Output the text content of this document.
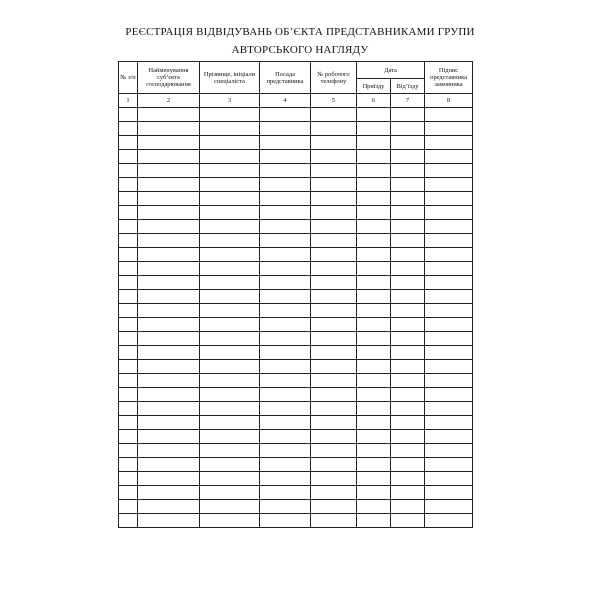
РЕЄСТРАЦІЯ ВІДВІДУВАНЬ ОБ’ЄКТА ПРЕДСТАВНИКАМИ ГРУПИ
АВТОРСЬКОГО НАГЛЯДУ
№ з/п	Найменування суб’єкта господарювання	Прізвище, ініціали спеціаліста	Посада представника	№ робочого телефону	Дата		Підпис представника замовника
					Приїзду	Від’їзду	
1	2	3	4	5	6	7	8
